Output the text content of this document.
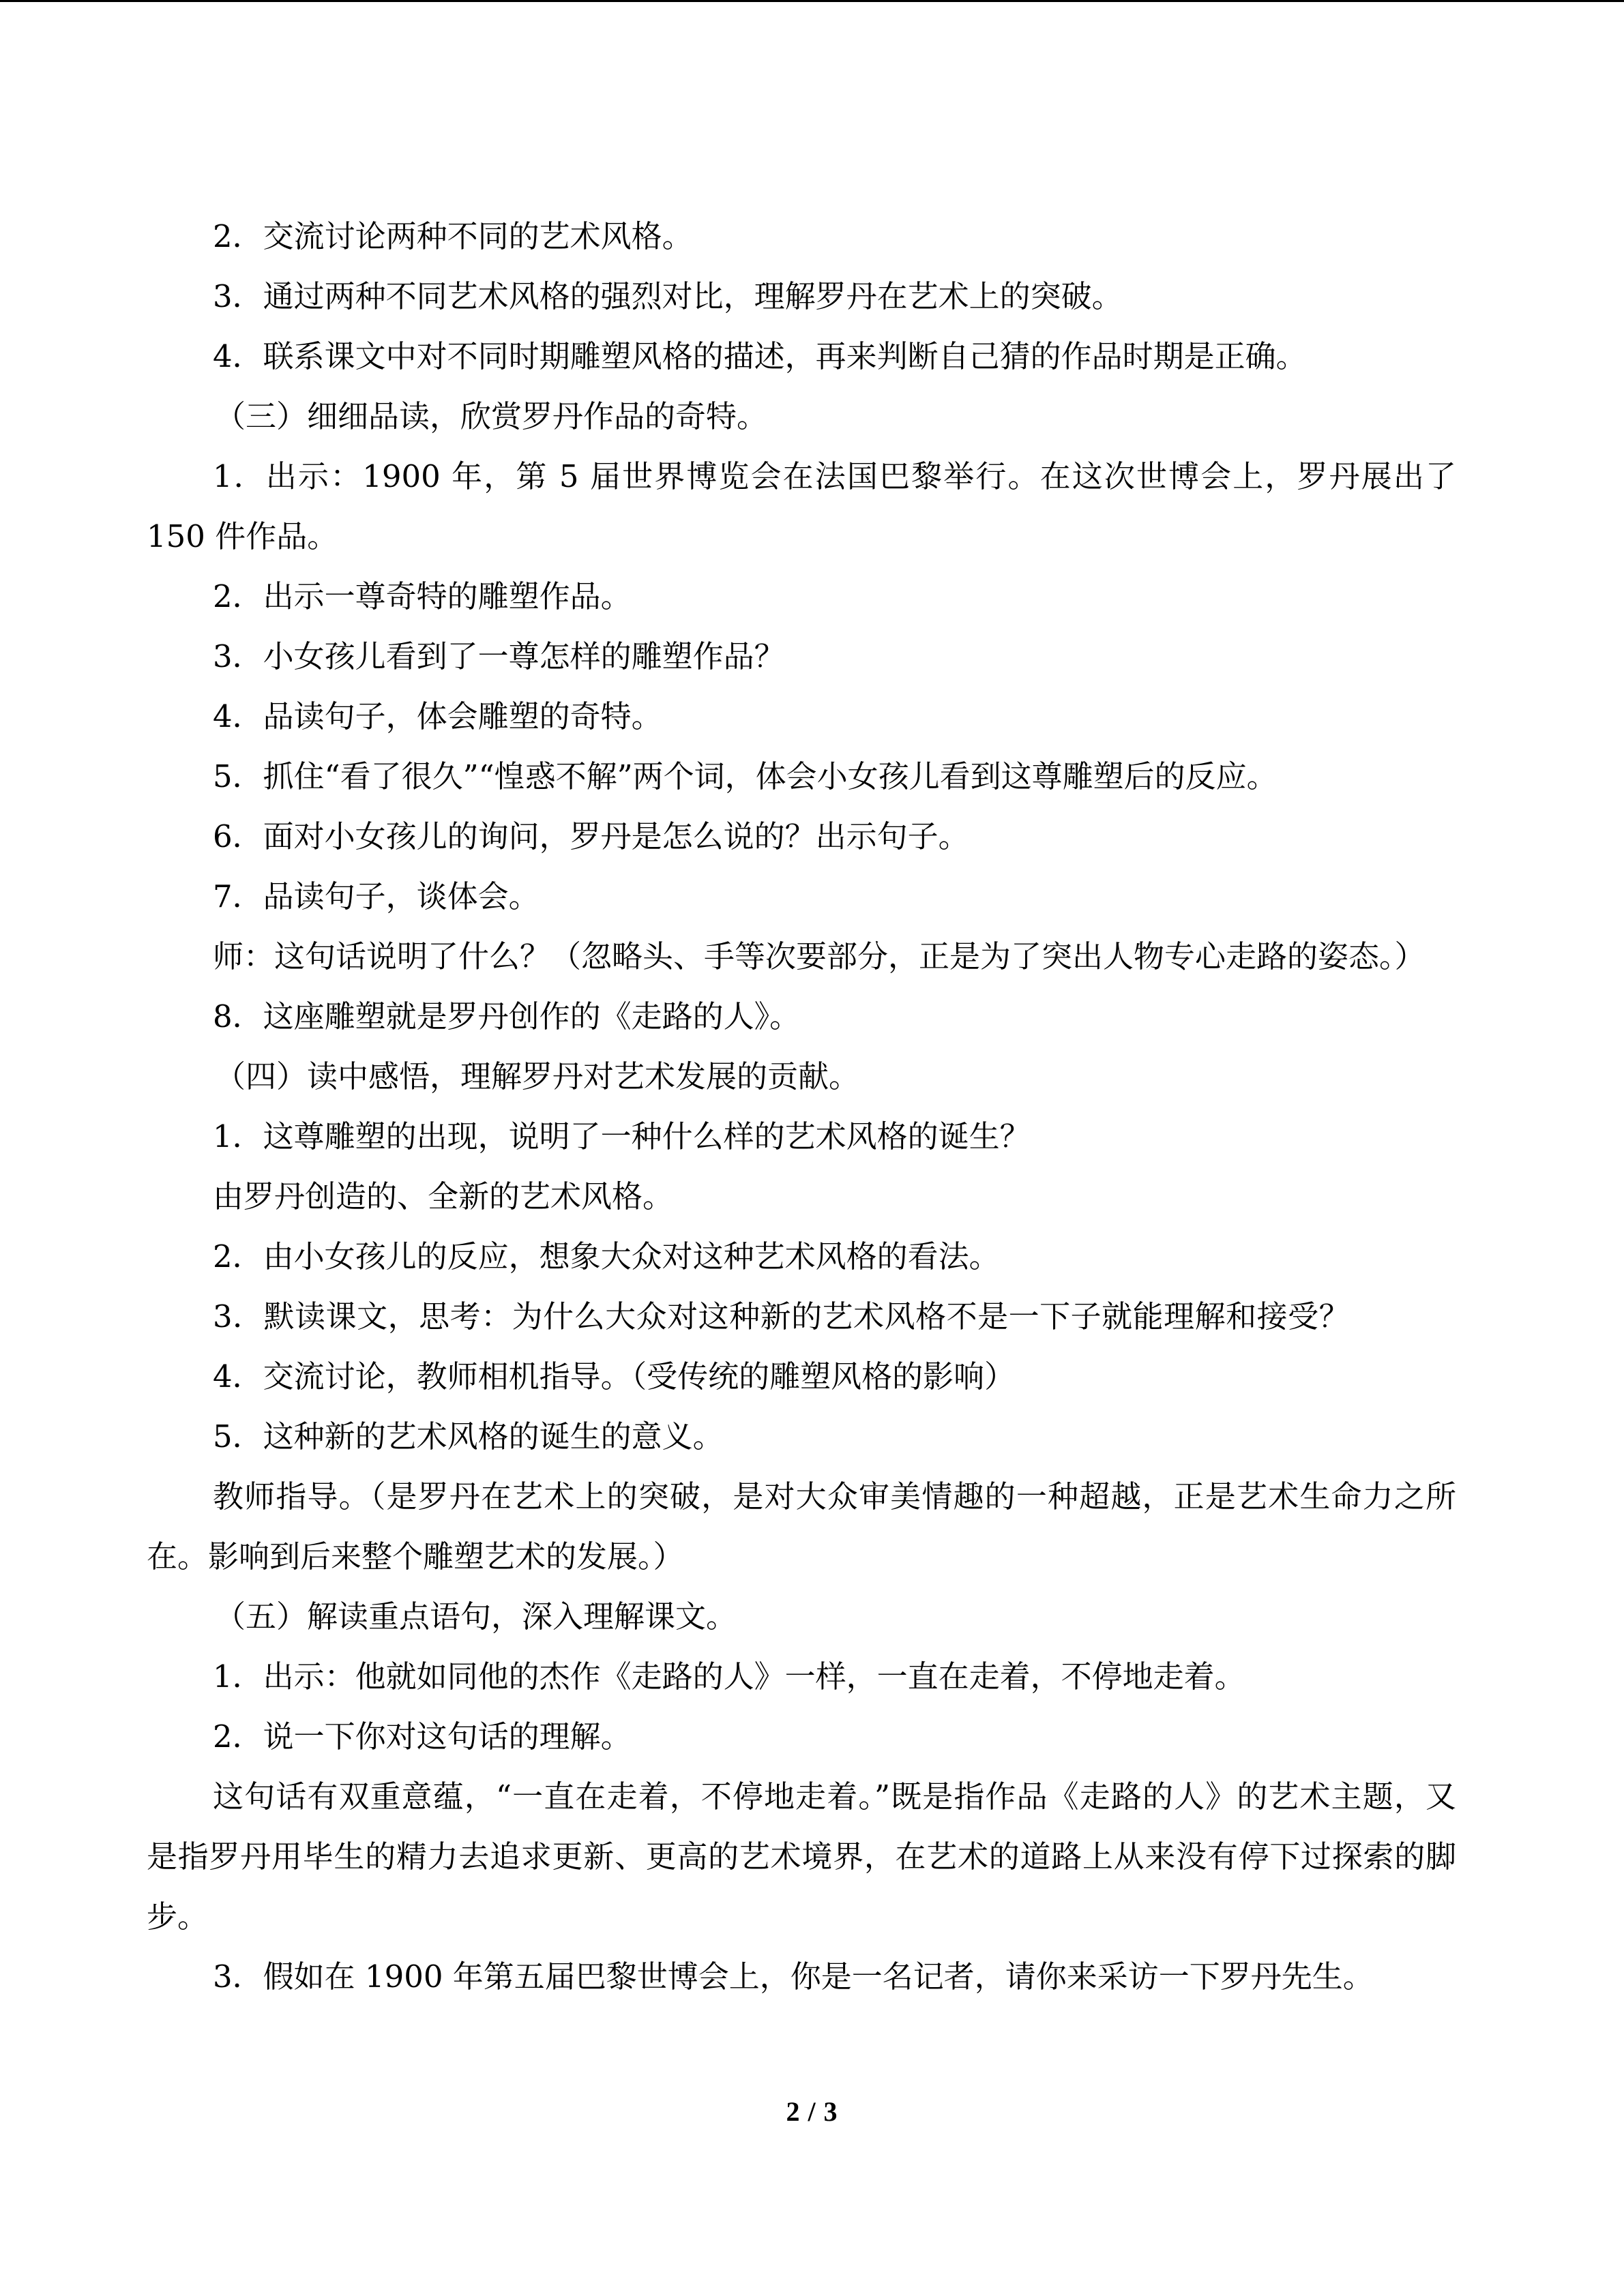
2．交流讨论两种不同的艺术风格。

3．通过两种不同艺术风格的强烈对比，理解罗丹在艺术上的突破。

4．联系课文中对不同时期雕塑风格的描述，再来判断自己猜的作品时期是正确。

（三）细细品读，欣赏罗丹作品的奇特。

1．出示：1900 年，第 5 届世界博览会在法国巴黎举行。在这次世博会上，罗丹展出了 150 件作品。

2．出示一尊奇特的雕塑作品。

3．小女孩儿看到了一尊怎样的雕塑作品？

4．品读句子，体会雕塑的奇特。

5．抓住“看了很久”“惶惑不解”两个词，体会小女孩儿看到这尊雕塑后的反应。

6．面对小女孩儿的询问，罗丹是怎么说的？出示句子。

7．品读句子，谈体会。

师：这句话说明了什么？（忽略头、手等次要部分，正是为了突出人物专心走路的姿态。）

8．这座雕塑就是罗丹创作的《走路的人》。

（四）读中感悟，理解罗丹对艺术发展的贡献。

1．这尊雕塑的出现，说明了一种什么样的艺术风格的诞生？

由罗丹创造的、全新的艺术风格。

2．由小女孩儿的反应，想象大众对这种艺术风格的看法。

3．默读课文，思考：为什么大众对这种新的艺术风格不是一下子就能理解和接受？

4．交流讨论，教师相机指导。（受传统的雕塑风格的影响）

5．这种新的艺术风格的诞生的意义。

教师指导。（是罗丹在艺术上的突破，是对大众审美情趣的一种超越，正是艺术生命力之所在。影响到后来整个雕塑艺术的发展。）

（五）解读重点语句，深入理解课文。

1．出示：他就如同他的杰作《走路的人》一样，一直在走着，不停地走着。

2．说一下你对这句话的理解。

这句话有双重意蕴，“一直在走着，不停地走着。”既是指作品《走路的人》的艺术主题，又是指罗丹用毕生的精力去追求更新、更高的艺术境界，在艺术的道路上从来没有停下过探索的脚步。

3．假如在 1900 年第五届巴黎世博会上，你是一名记者，请你来采访一下罗丹先生。

2 / 3
